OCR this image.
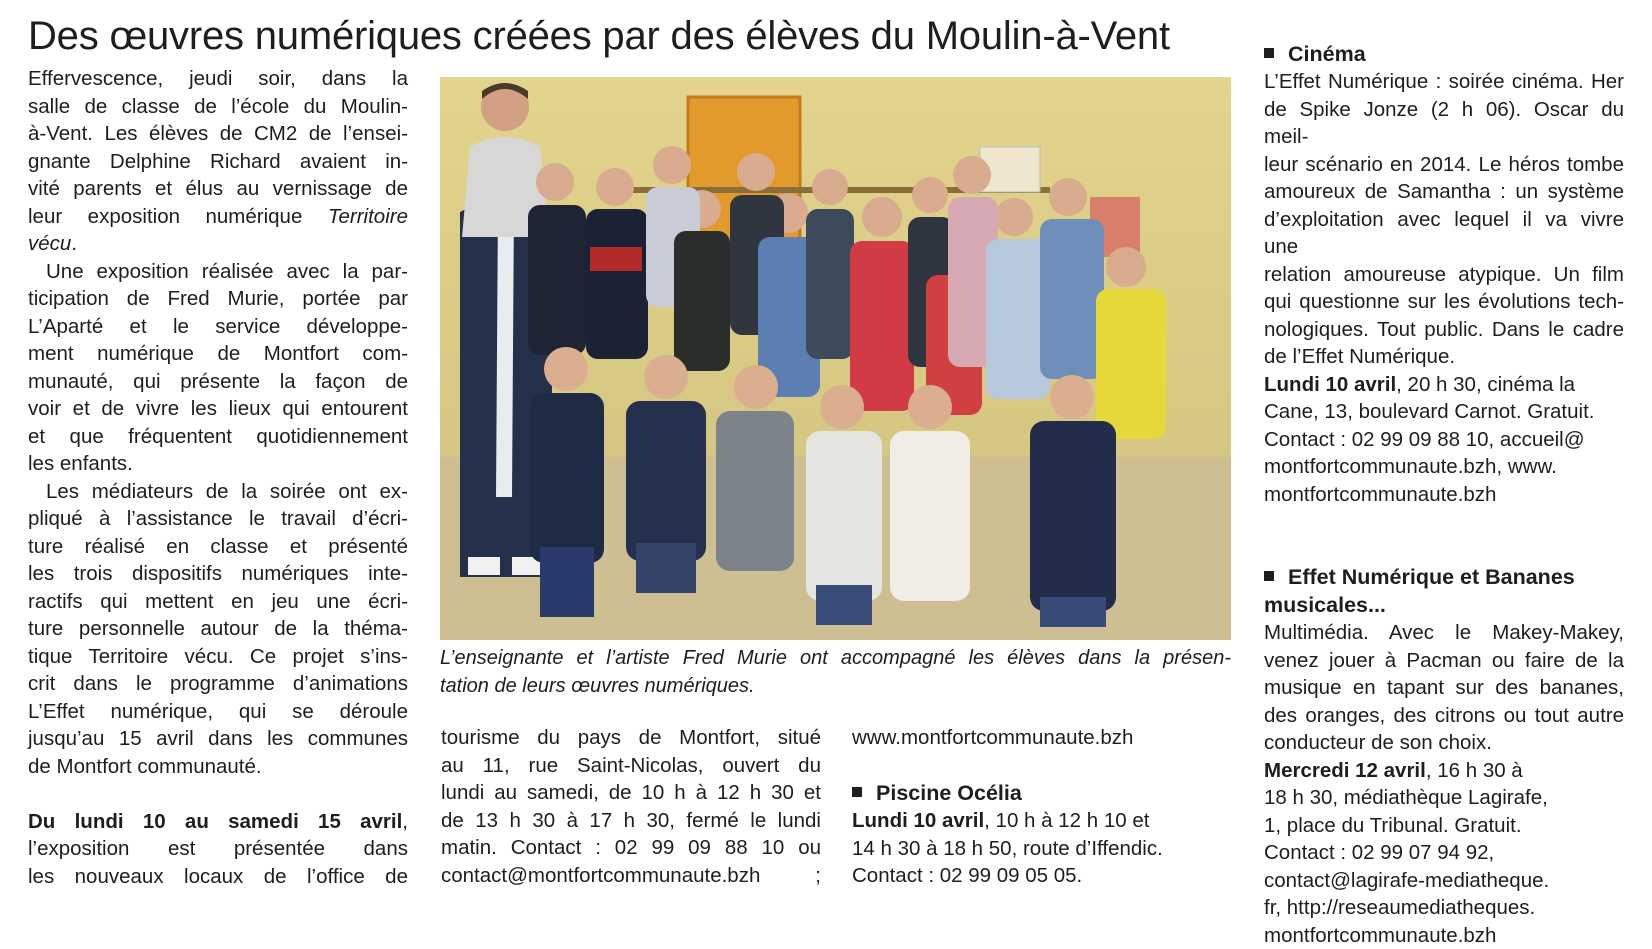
Des œuvres numériques créées par des élèves du Moulin-à-Vent

Effervescence, jeudi soir, dans la

salle de classe de l’école du Moulin-

à-Vent. Les élèves de CM2 de l’ensei-

gnante Delphine Richard avaient in-

vité parents et élus au vernissage de

leur exposition numérique Territoire

vécu.

Une exposition réalisée avec la par-

ticipation de Fred Murie, portée par

L’Aparté et le service développe-

ment numérique de Montfort com-

munauté, qui présente la façon de

voir et de vivre les lieux qui entourent

et que fréquentent quotidiennement

les enfants.

Les médiateurs de la soirée ont ex-

pliqué à l’assistance le travail d’écri-

ture réalisé en classe et présenté

les trois dispositifs numériques inte-

ractifs qui mettent en jeu une écri-

ture personnelle autour de la théma-

tique Territoire vécu. Ce projet s’ins-

crit dans le programme d’animations

L’Effet numérique, qui se déroule

jusqu’au 15 avril dans les communes

de Montfort communauté.

Du lundi 10 au samedi 15 avril,

l’exposition est présentée dans

les nouveaux locaux de l’office de

L’enseignante et l’artiste Fred Murie ont accompagné les élèves dans la présen-
tation de leurs œuvres numériques.

tourisme du pays de Montfort, situé

au 11, rue Saint-Nicolas, ouvert du

lundi au samedi, de 10 h à 12 h 30 et

de 13 h 30 à 17 h 30, fermé le lundi

matin. Contact : 02 99 09 88 10 ou

contact@montfortcommunaute.bzh ;

www.montfortcommunaute.bzh

Piscine Océlia

Lundi 10 avril, 10 h à 12 h 10 et

14 h 30 à 18 h 50, route d’Iffendic.

Contact : 02 99 09 05 05.

Cinéma

L’Effet Numérique : soirée cinéma. Her

de Spike Jonze (2 h 06). Oscar du meil-

leur scénario en 2014. Le héros tombe

amoureux de Samantha : un système

d’exploitation avec lequel il va vivre une

relation amoureuse atypique. Un film

qui questionne sur les évolutions tech-

nologiques. Tout public. Dans le cadre

de l’Effet Numérique.

Lundi 10 avril, 20 h 30, cinéma la

Cane, 13, boulevard Carnot. Gratuit.

Contact : 02 99 09 88 10, accueil@

montfortcommunaute.bzh, www.

montfortcommunaute.bzh

Effet Numérique et Bananes

musicales...

Multimédia. Avec le Makey-Makey,

venez jouer à Pacman ou faire de la

musique en tapant sur des bananes,

des oranges, des citrons ou tout autre

conducteur de son choix.

Mercredi 12 avril, 16 h 30 à

18 h 30, médiathèque Lagirafe,

1, place du Tribunal. Gratuit.

Contact : 02 99 07 94 92,

contact@lagirafe-mediatheque.

fr, http://reseaumediatheques.

montfortcommunaute.bzh
